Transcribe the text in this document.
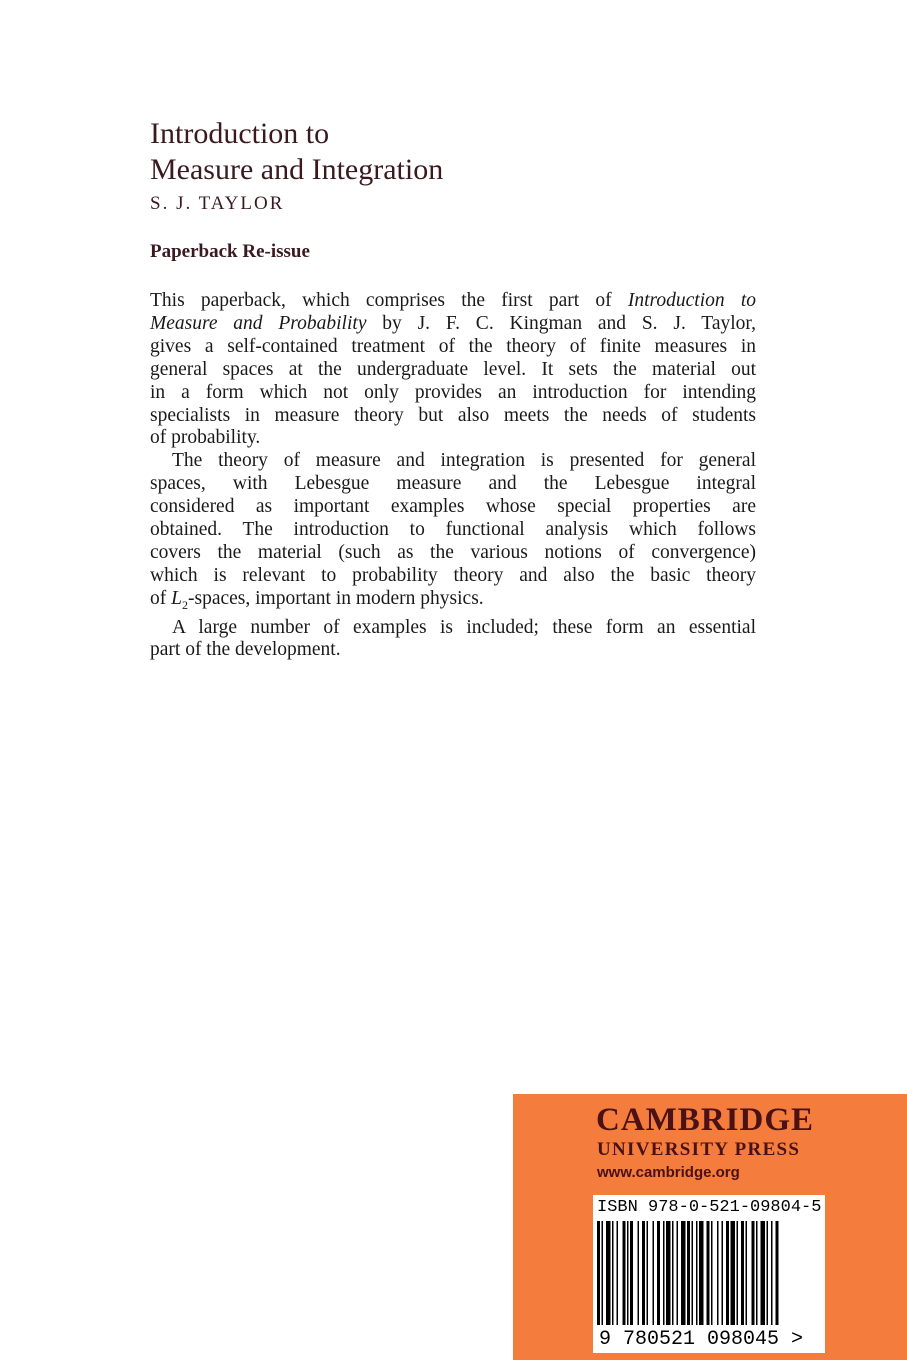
Introduction to
Measure and Integration
S. J. TAYLOR
Paperback Re-issue
This paperback, which comprises the first part of Introduction to
Measure and Probability by J. F. C. Kingman and S. J. Taylor,
gives a self-contained treatment of the theory of finite measures in
general spaces at the undergraduate level. It sets the material out
in a form which not only provides an introduction for intending
specialists in measure theory but also meets the needs of students
of probability.
The theory of measure and integration is presented for general
spaces, with Lebesgue measure and the Lebesgue integral
considered as important examples whose special properties are
obtained. The introduction to functional analysis which follows
covers the material (such as the various notions of convergence)
which is relevant to probability theory and also the basic theory
of $L_2$-spaces, important in modern physics.
A large number of examples is included; these form an essential
part of the development.
CAMBRIDGE
UNIVERSITY PRESS
www.cambridge.org
ISBN 978-0-521-09804-5
9 780521 098045 >
